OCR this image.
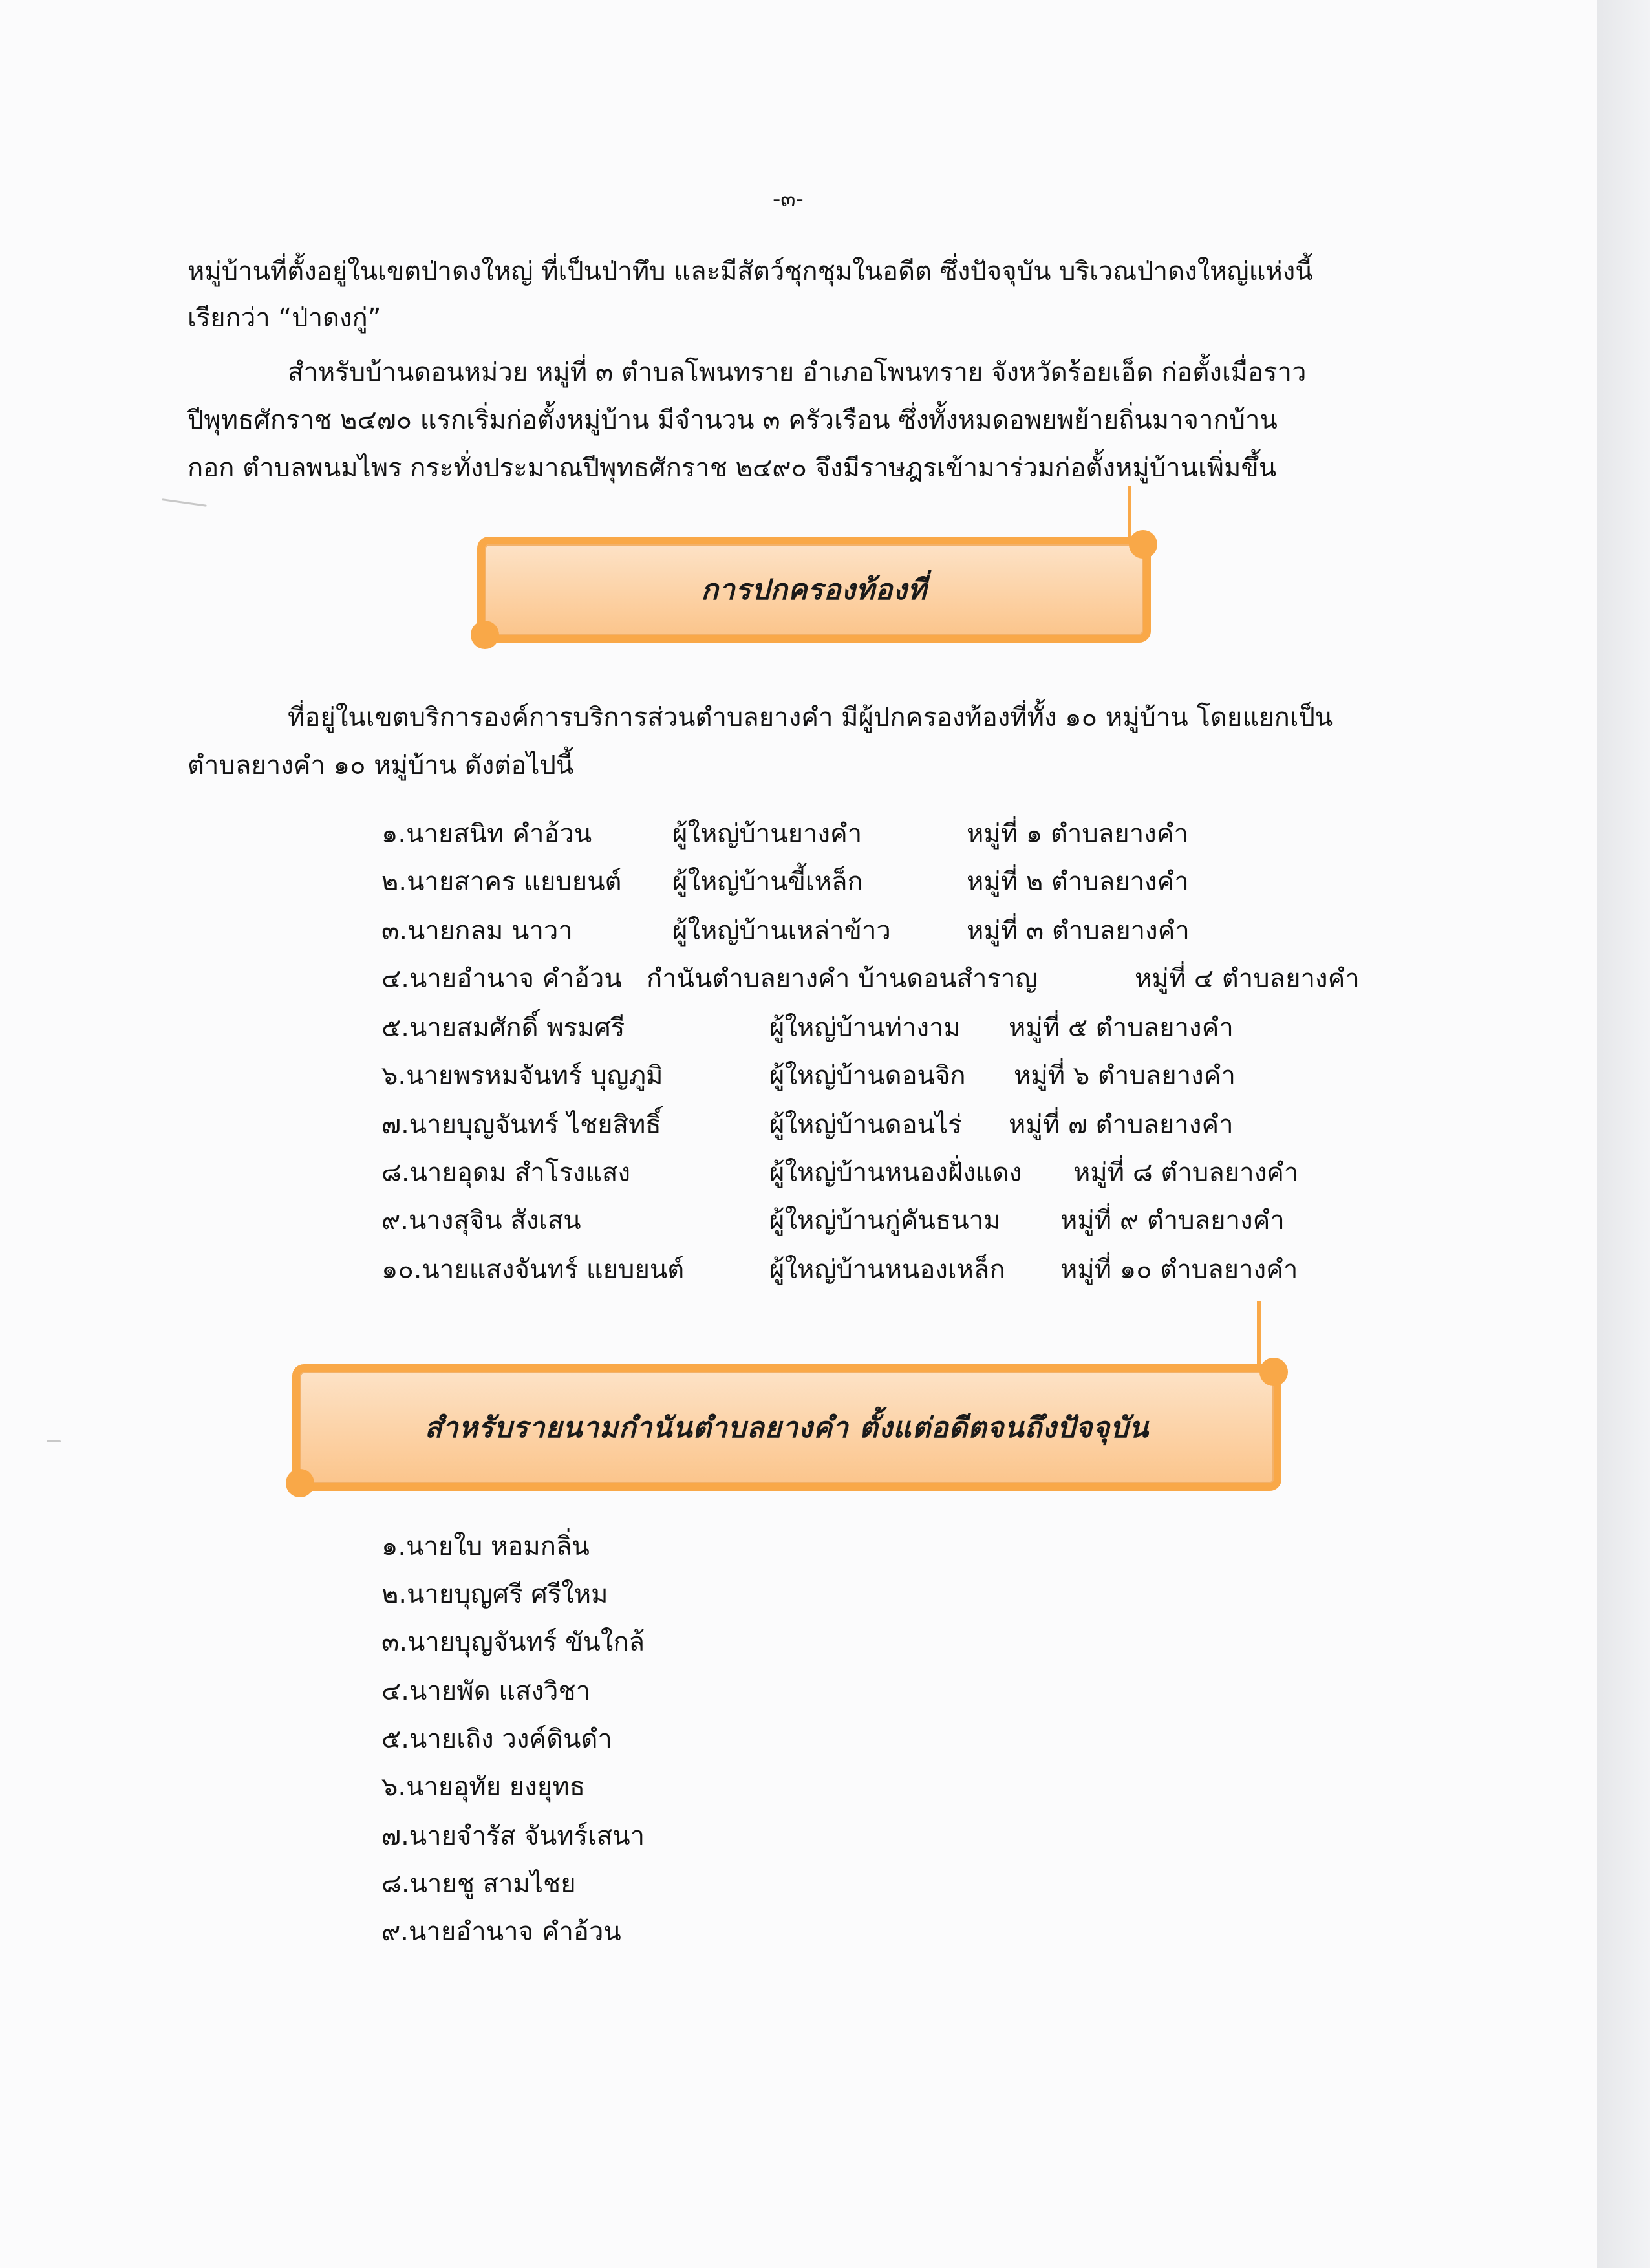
-๓-
หมู่บ้านที่ตั้งอยู่ในเขตป่าดงใหญ่ ที่เป็นป่าทึบ และมีสัตว์ชุกชุมในอดีต ซึ่งปัจจุบัน บริเวณป่าดงใหญ่แห่งนี้
เรียกว่า “ป่าดงกู่”
สำหรับบ้านดอนหม่วย หมู่ที่ ๓ ตำบลโพนทราย อำเภอโพนทราย จังหวัดร้อยเอ็ด ก่อตั้งเมื่อราว
ปีพุทธศักราช ๒๔๗๐ แรกเริ่มก่อตั้งหมู่บ้าน มีจำนวน ๓ ครัวเรือน ซึ่งทั้งหมดอพยพย้ายถิ่นมาจากบ้าน
กอก ตำบลพนมไพร กระทั่งประมาณปีพุทธศักราช ๒๔๙๐ จึงมีราษฎรเข้ามาร่วมก่อตั้งหมู่บ้านเพิ่มขึ้น
การปกครองท้องที่
ที่อยู่ในเขตบริการองค์การบริการส่วนตำบลยางคำ มีผู้ปกครองท้องที่ทั้ง ๑๐ หมู่บ้าน โดยแยกเป็น
ตำบลยางคำ ๑๐ หมู่บ้าน ดังต่อไปนี้
๑.นายสนิท คำอ้วน	ผู้ใหญ่บ้านยางคำ	หมู่ที่ ๑ ตำบลยางคำ
๒.นายสาคร แยบยนต์ ผู้ใหญ่บ้านขี้เหล็ก	หมู่ที่ ๒ ตำบลยางคำ
๓.นายกลม นาวา	ผู้ใหญ่บ้านเหล่าข้าว	หมู่ที่ ๓ ตำบลยางคำ
๔.นายอำนาจ คำอ้วน กำนันตำบลยางคำ บ้านดอนสำราญ	หมู่ที่ ๔ ตำบลยางคำ
๕.นายสมศักดิ์ พรมศรี	ผู้ใหญ่บ้านท่างาม หมู่ที่ ๕ ตำบลยางคำ
๖.นายพรหมจันทร์ บุญภูมิ	ผู้ใหญ่บ้านดอนจิก หมู่ที่ ๖ ตำบลยางคำ
๗.นายบุญจันทร์ ไชยสิทธิ์	ผู้ใหญ่บ้านดอนไร่ หมู่ที่ ๗ ตำบลยางคำ
๘.นายอุดม สำโรงแสง	ผู้ใหญ่บ้านหนองฝั่งแดง หมู่ที่ ๘ ตำบลยางคำ
๙.นางสุจิน สังเสน	ผู้ใหญ่บ้านกู่คันธนาม หมู่ที่ ๙ ตำบลยางคำ
๑๐.นายแสงจันทร์ แยบยนต์	ผู้ใหญ่บ้านหนองเหล็ก หมู่ที่ ๑๐ ตำบลยางคำ
สำหรับรายนามกำนันตำบลยางคำ ตั้งแต่อดีตจนถึงปัจจุบัน
๑.นายใบ หอมกลิ่น
๒.นายบุญศรี ศรีใหม
๓.นายบุญจันทร์ ขันใกล้
๔.นายพัด แสงวิชา
๕.นายเถิง วงค์ดินดำ
๖.นายอุทัย ยงยุทธ
๗.นายจำรัส จันทร์เสนา
๘.นายชู สามไชย
๙.นายอำนาจ คำอ้วน
